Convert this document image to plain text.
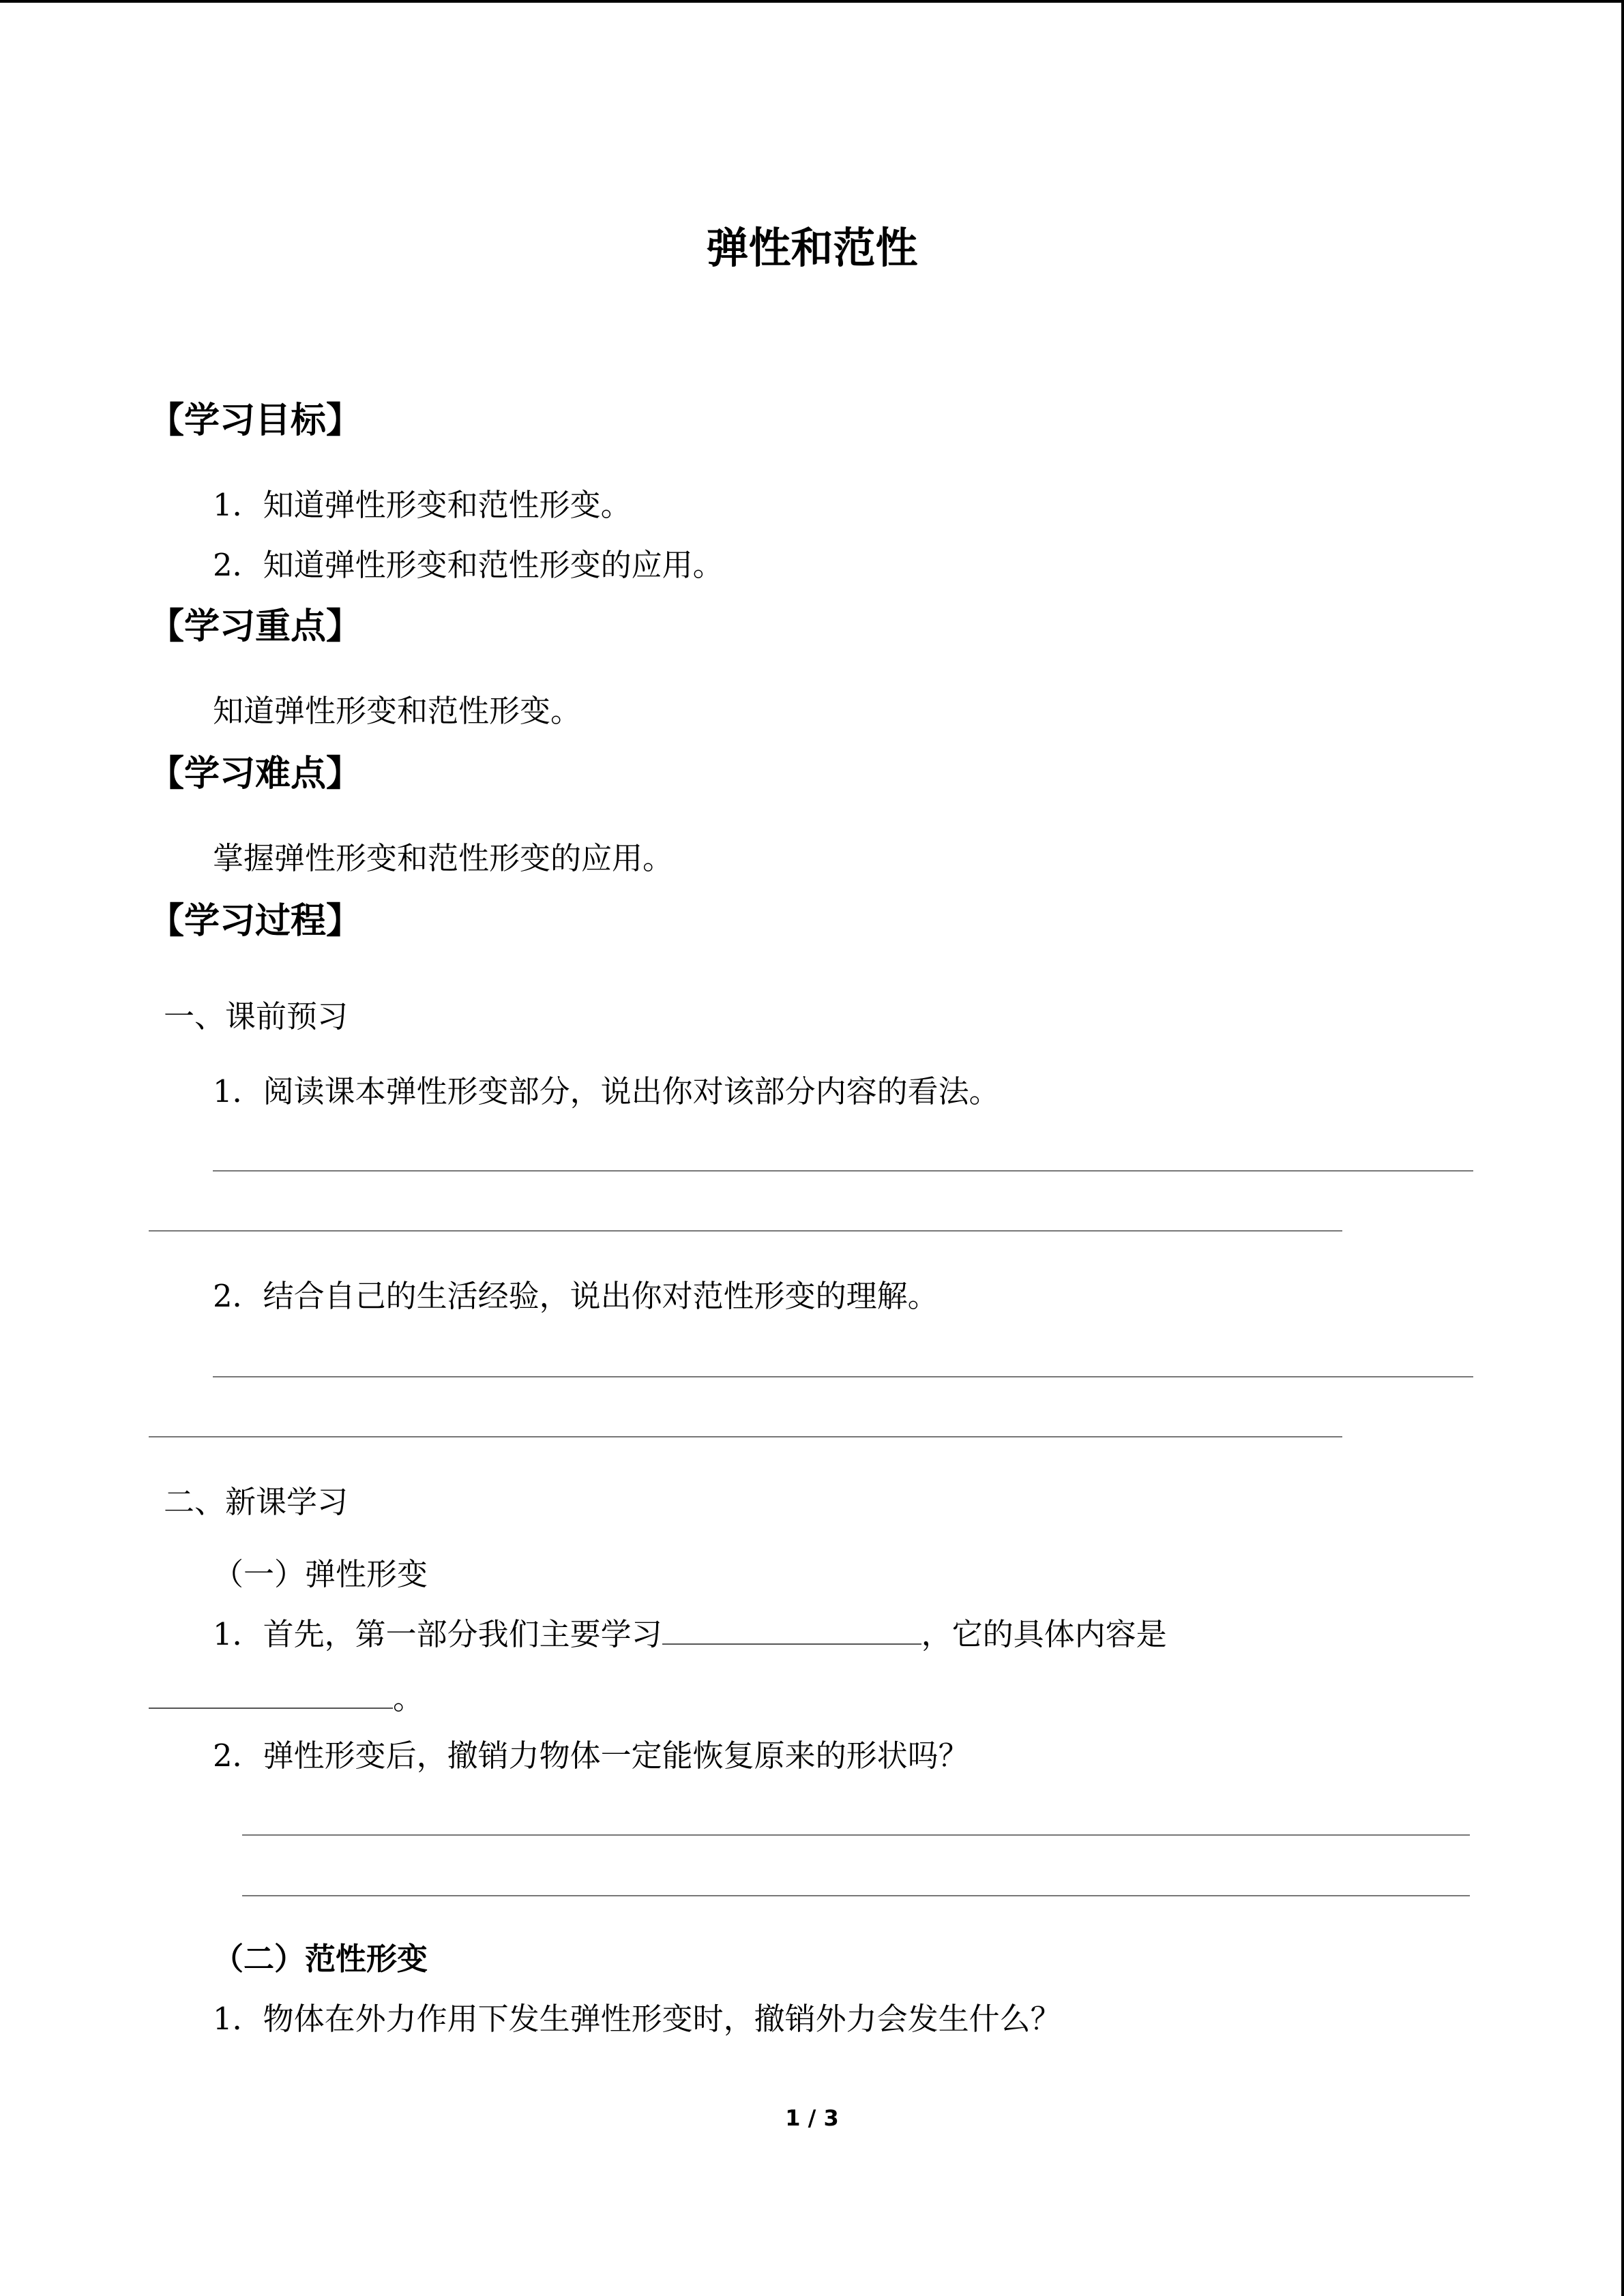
弹性和范性
【学习目标】
1．知道弹性形变和范性形变。
2．知道弹性形变和范性形变的应用。
【学习重点】
知道弹性形变和范性形变。
【学习难点】
掌握弹性形变和范性形变的应用。
【学习过程】
一、课前预习
1．阅读课本弹性形变部分，说出你对该部分内容的看法。
2．结合自己的生活经验，说出你对范性形变的理解。
二、新课学习
（一）弹性形变
1．首先，第一部分我们主要学习	，它的具体内容是
。
2．弹性形变后，撤销力物体一定能恢复原来的形状吗？
（二）范性形变
1．物体在外力作用下发生弹性形变时，撤销外力会发生什么？
1 / 3
